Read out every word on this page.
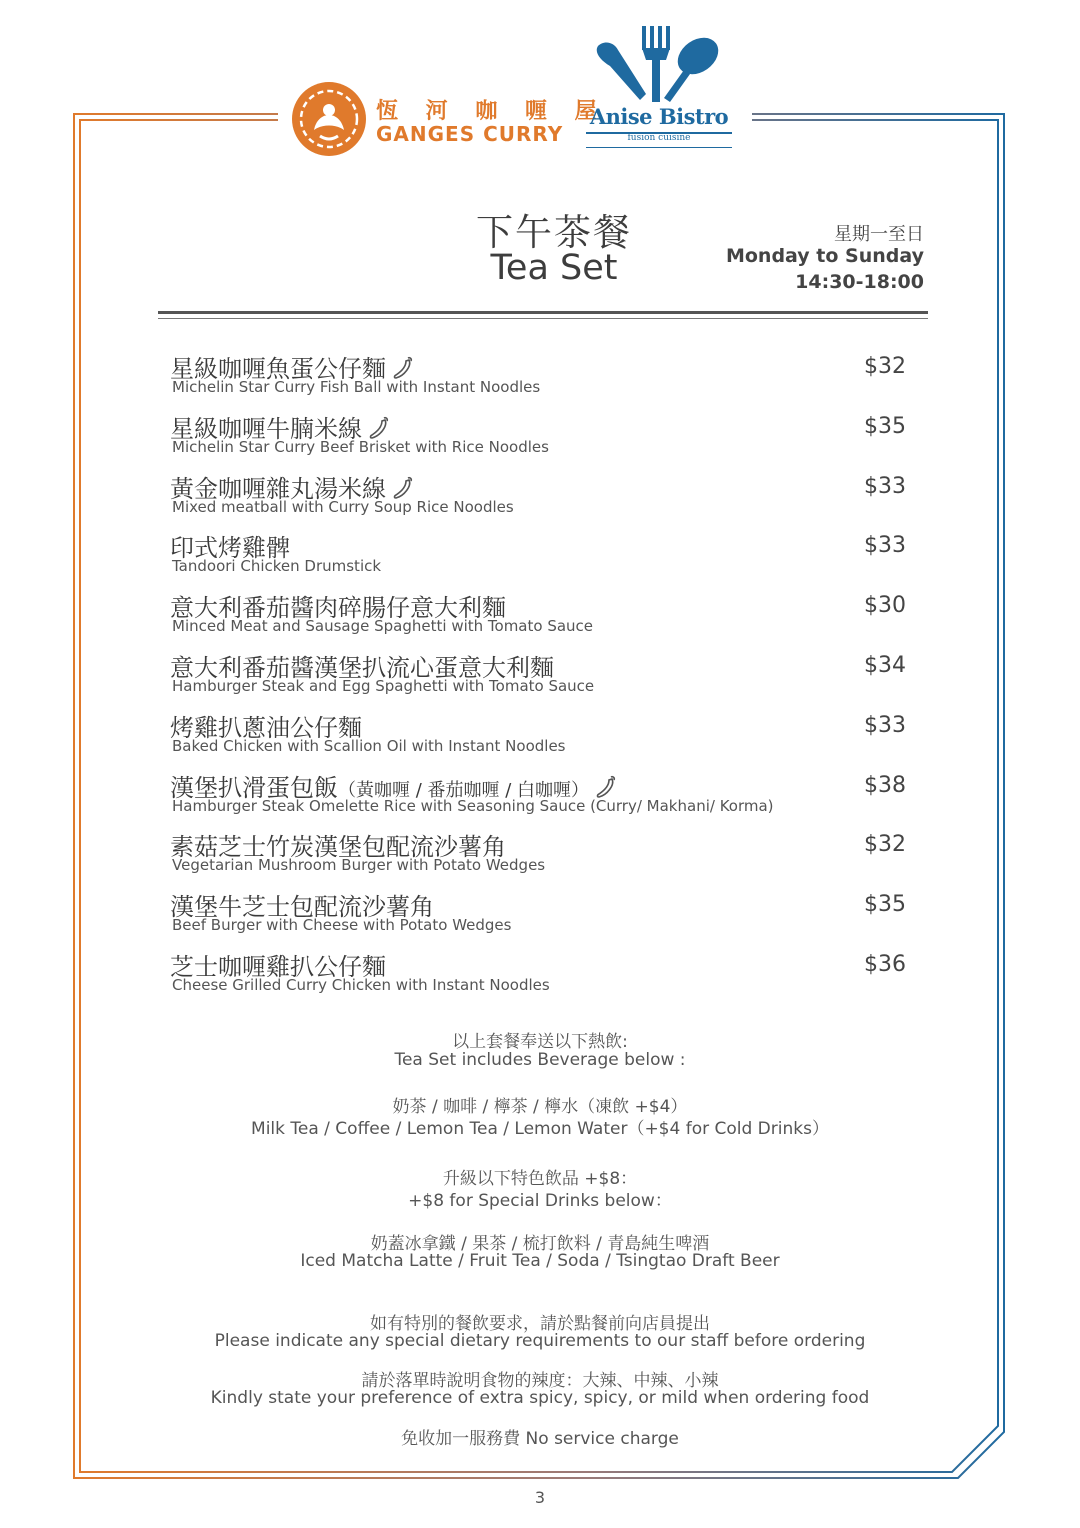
恆 河 咖 喱 屋
GANGES CURRY
Anise Bistro
fusion cuisine
下午茶餐
Tea Set
星期一至日
Monday to Sunday
14:30-18:00
星級咖喱魚蛋公仔麵
Michelin Star Curry Fish Ball with Instant Noodles
$32
星級咖喱牛腩米線
Michelin Star Curry Beef Brisket with Rice Noodles
$35
黃金咖喱雜丸湯米線
Mixed meatball with Curry Soup Rice Noodles
$33
印式烤雞髀
Tandoori Chicken Drumstick
$33
意大利番茄醬肉碎腸仔意大利麵
Minced Meat and Sausage Spaghetti with Tomato Sauce
$30
意大利番茄醬漢堡扒流心蛋意大利麵
Hamburger Steak and Egg Spaghetti with Tomato Sauce
$34
烤雞扒蔥油公仔麵
Baked Chicken with Scallion Oil with Instant Noodles
$33
漢堡扒滑蛋包飯（黃咖喱 / 番茄咖喱 / 白咖喱）
Hamburger Steak Omelette Rice with Seasoning Sauce (Curry/ Makhani/ Korma)
$38
素菇芝士竹炭漢堡包配流沙薯角
Vegetarian Mushroom Burger with Potato Wedges
$32
漢堡牛芝士包配流沙薯角
Beef Burger with Cheese with Potato Wedges
$35
芝士咖喱雞扒公仔麵
Cheese Grilled Curry Chicken with Instant Noodles
$36
以上套餐奉送以下熱飲:
Tea Set includes Beverage below :
奶茶 / 咖啡 / 檸茶 / 檸水（凍飲 +$4）
Milk Tea / Coffee / Lemon Tea / Lemon Water（+$4 for Cold Drinks）
升級以下特色飲品 +$8：
+$8 for Special Drinks below：
奶蓋冰拿鐵 / 果茶 / 梳打飲料 / 青島純生啤酒
Iced Matcha Latte / Fruit Tea / Soda / Tsingtao Draft Beer
如有特別的餐飲要求，請於點餐前向店員提出
Please indicate any special dietary requirements to our staff before ordering
請於落單時說明食物的辣度：大辣、中辣、小辣
Kindly state your preference of extra spicy, spicy, or mild when ordering food
免收加一服務費 No service charge
3
